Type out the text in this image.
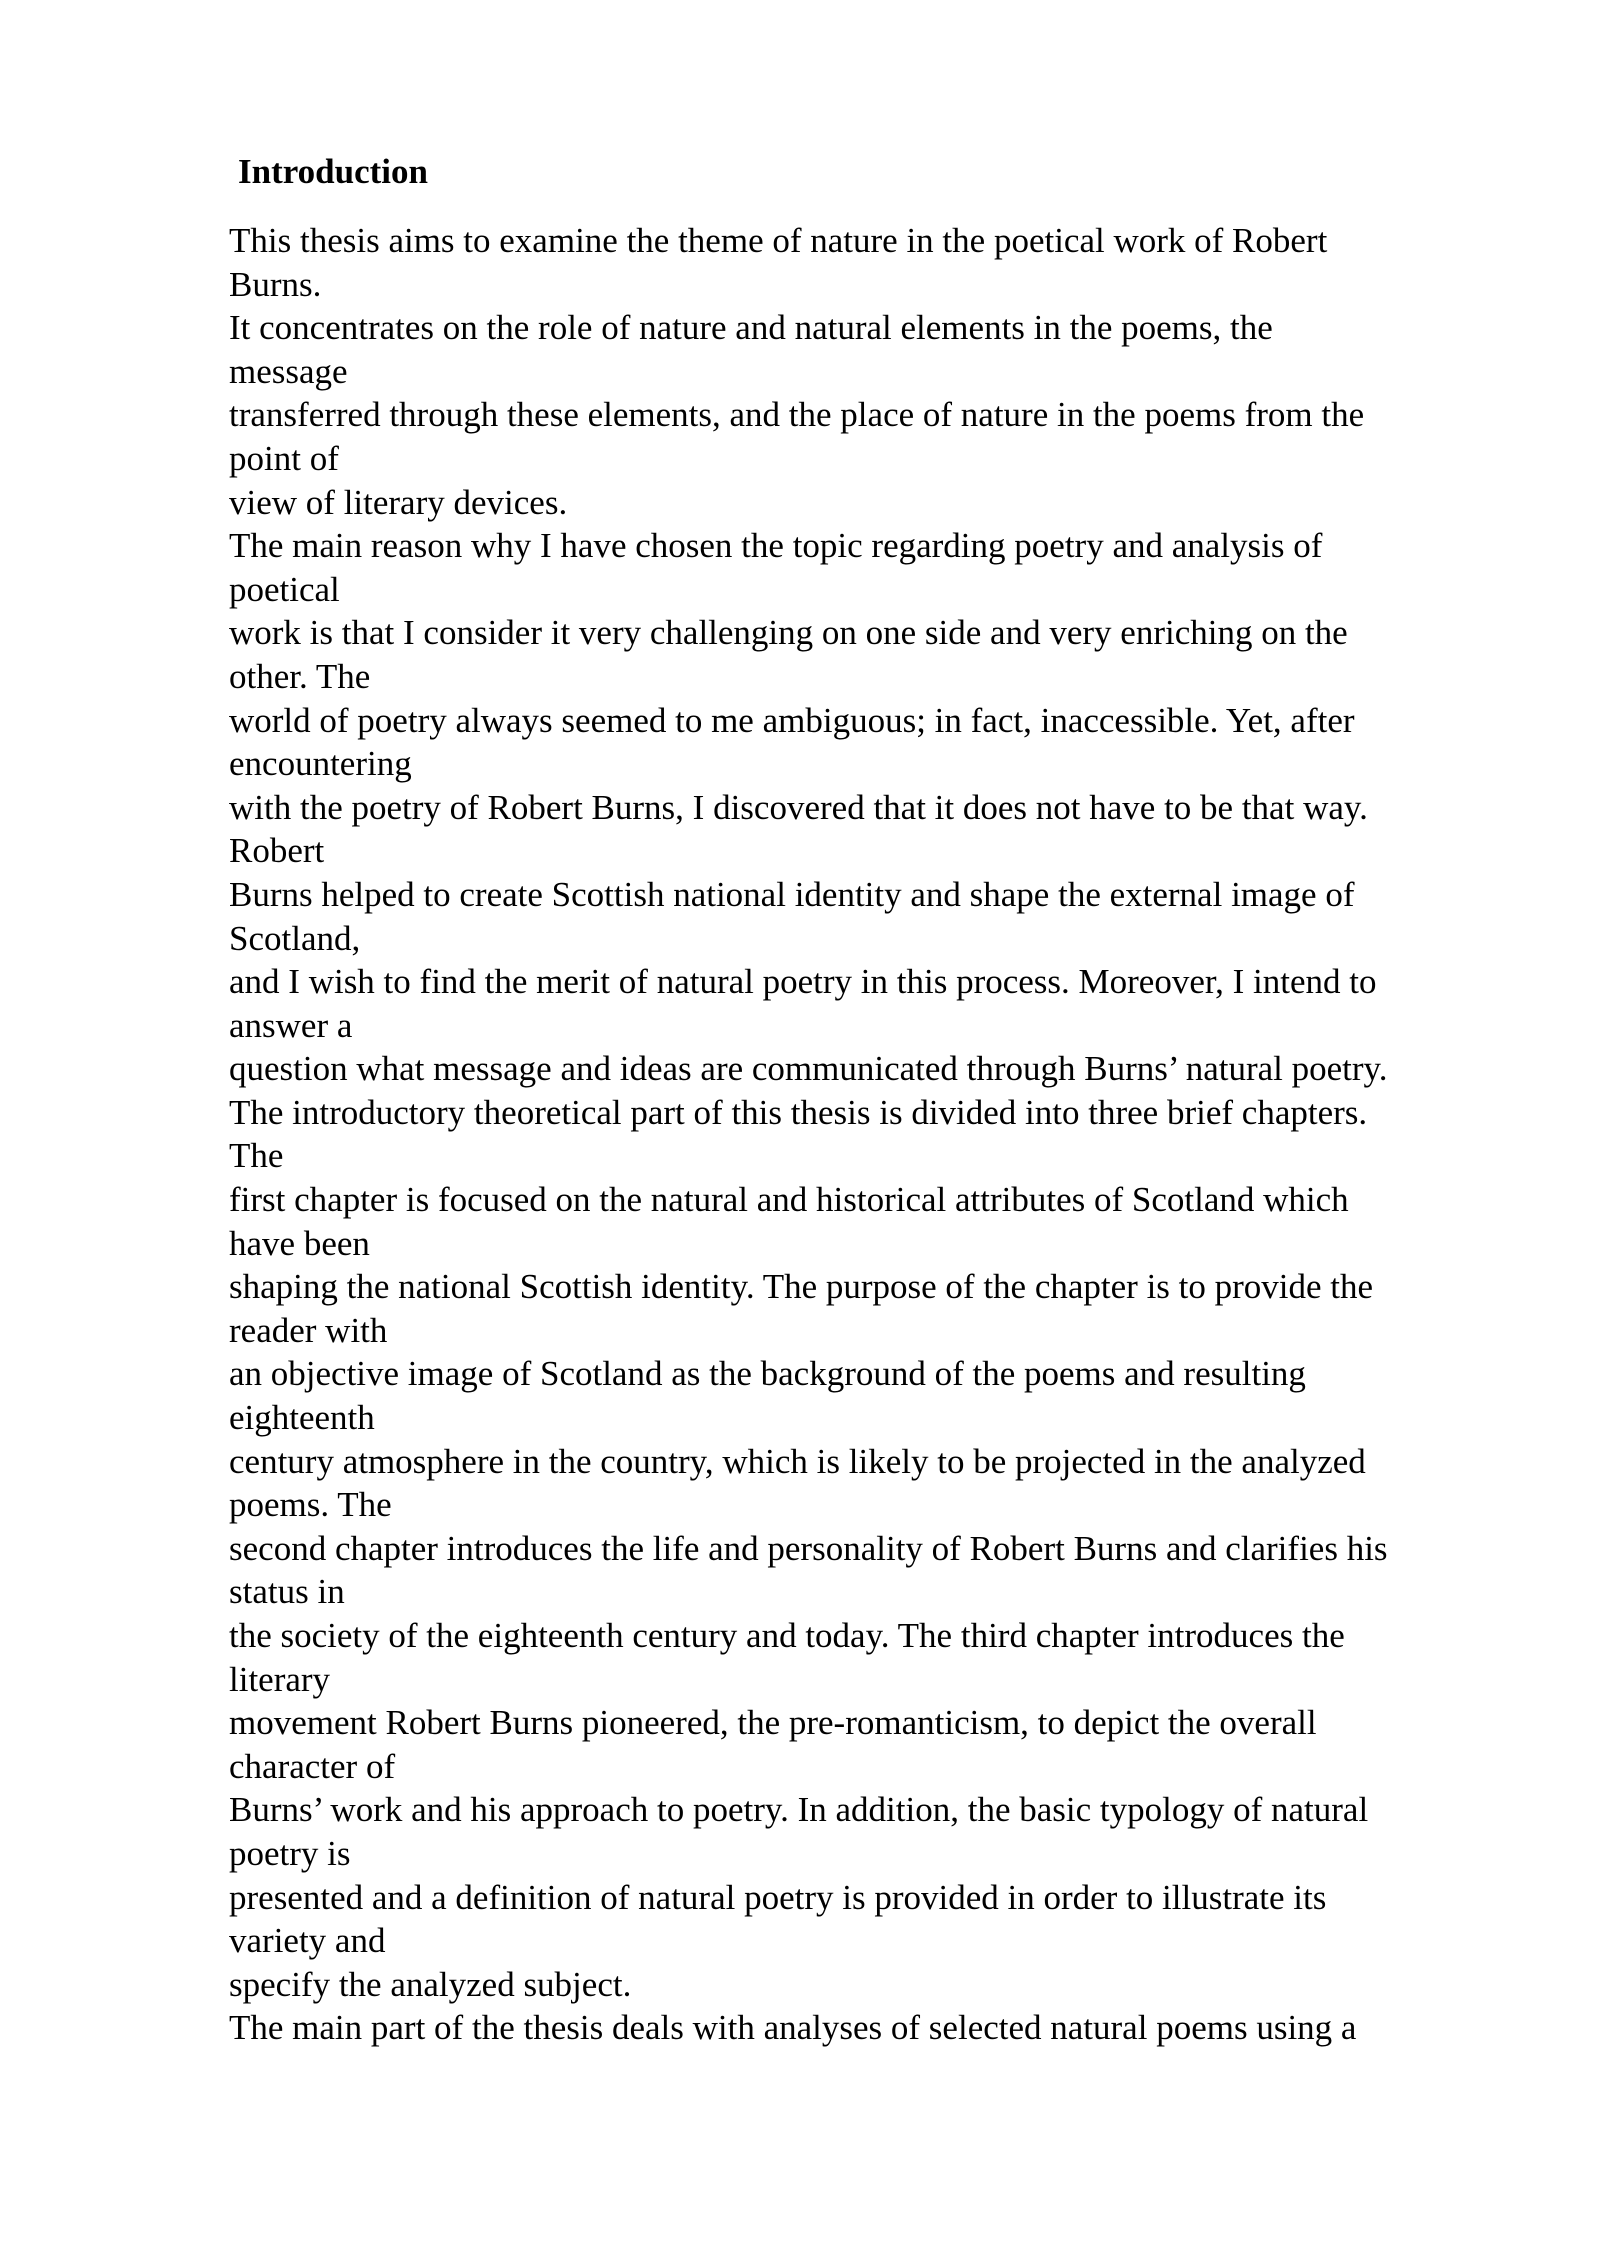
Introduction
This thesis aims to examine the theme of nature in the poetical work of Robert
Burns.
It concentrates on the role of nature and natural elements in the poems, the
message
transferred through these elements, and the place of nature in the poems from the
point of
view of literary devices.
The main reason why I have chosen the topic regarding poetry and analysis of
poetical
work is that I consider it very challenging on one side and very enriching on the
other. The
world of poetry always seemed to me ambiguous; in fact, inaccessible. Yet, after
encountering
with the poetry of Robert Burns, I discovered that it does not have to be that way.
Robert
Burns helped to create Scottish national identity and shape the external image of
Scotland,
and I wish to find the merit of natural poetry in this process. Moreover, I intend to
answer a
question what message and ideas are communicated through Burns’ natural poetry.
The introductory theoretical part of this thesis is divided into three brief chapters.
The
first chapter is focused on the natural and historical attributes of Scotland which
have been
shaping the national Scottish identity. The purpose of the chapter is to provide the
reader with
an objective image of Scotland as the background of the poems and resulting
eighteenth
century atmosphere in the country, which is likely to be projected in the analyzed
poems. The
second chapter introduces the life and personality of Robert Burns and clarifies his
status in
the society of the eighteenth century and today. The third chapter introduces the
literary
movement Robert Burns pioneered, the pre-romanticism, to depict the overall
character of
Burns’ work and his approach to poetry. In addition, the basic typology of natural
poetry is
presented and a definition of natural poetry is provided in order to illustrate its
variety and
specify the analyzed subject.
The main part of the thesis deals with analyses of selected natural poems using a
